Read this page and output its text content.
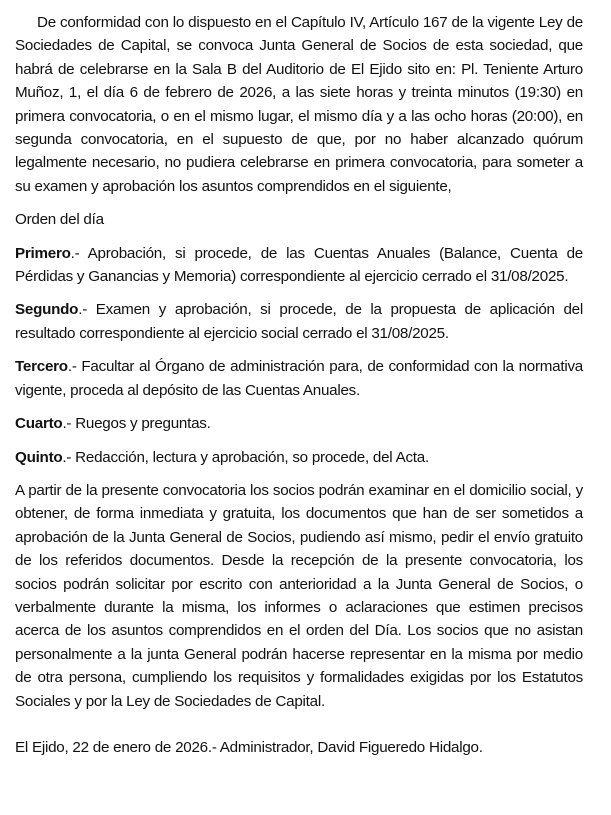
De conformidad con lo dispuesto en el Capítulo IV, Artículo 167 de la vigente Ley de Sociedades de Capital, se convoca Junta General de Socios de esta sociedad, que habrá de celebrarse en la Sala B del Auditorio de El Ejido sito en: Pl. Teniente Arturo Muñoz, 1, el día 6 de febrero de 2026, a las siete horas y treinta minutos (19:30) en primera convocatoria, o en el mismo lugar, el mismo día y a las ocho horas (20:00), en segunda convocatoria, en el supuesto de que, por no haber alcanzado quórum legalmente necesario, no pudiera celebrarse en primera convocatoria, para someter a su examen y aprobación los asuntos comprendidos en el siguiente,

Orden del día

Primero.- Aprobación, si procede, de las Cuentas Anuales (Balance, Cuenta de Pérdidas y Ganancias y Memoria) correspondiente al ejercicio cerrado el 31/08/2025.

Segundo.- Examen y aprobación, si procede, de la propuesta de aplicación del resultado correspondiente al ejercicio social cerrado el 31/08/2025.

Tercero.- Facultar al Órgano de administración para, de conformidad con la normativa vigente, proceda al depósito de las Cuentas Anuales.

Cuarto.- Ruegos y preguntas.

Quinto.- Redacción, lectura y aprobación, so procede, del Acta.

A partir de la presente convocatoria los socios podrán examinar en el domicilio social, y obtener, de forma inmediata y gratuita, los documentos que han de ser sometidos a aprobación de la Junta General de Socios, pudiendo así mismo, pedir el envío gratuito de los referidos documentos. Desde la recepción de la presente convocatoria, los socios podrán solicitar por escrito con anterioridad a la Junta General de Socios, o verbalmente durante la misma, los informes o aclaraciones que estimen precisos acerca de los asuntos comprendidos en el orden del Día. Los socios que no asistan personalmente a la junta General podrán hacerse representar en la misma por medio de otra persona, cumpliendo los requisitos y formalidades exigidas por los Estatutos Sociales y por la Ley de Sociedades de Capital.

El Ejido, 22 de enero de 2026.- Administrador, David Figueredo Hidalgo.
